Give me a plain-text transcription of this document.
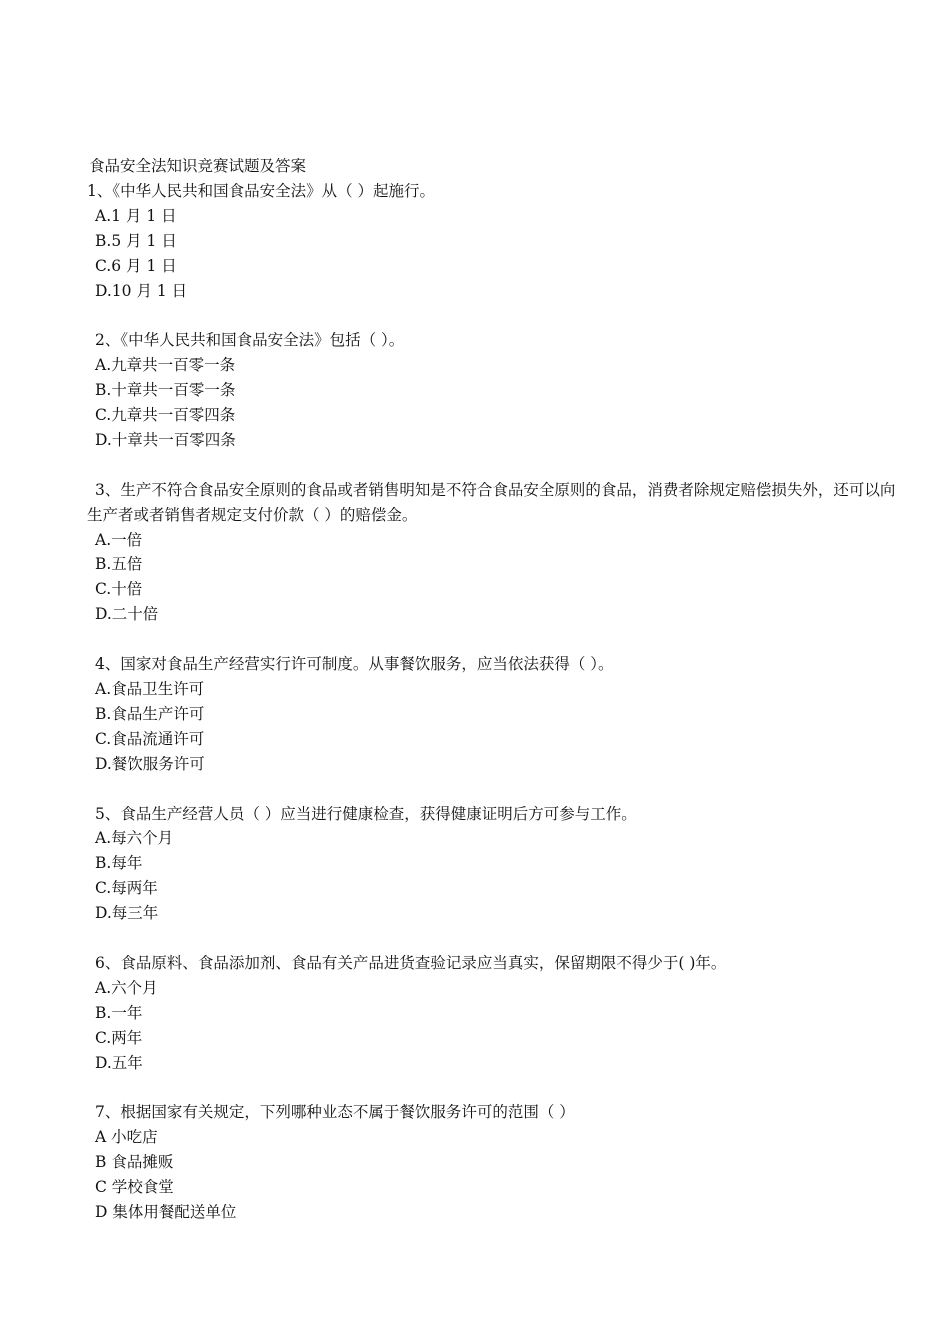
食品安全法知识竞赛试题及答案

1、《中华人民共和国食品安全法》从（ ）起施行。

A.1 月 1 日
B.5 月 1 日
C.6 月 1 日
D.10 月 1 日

2、《中华人民共和国食品安全法》包括（ ）。

A.九章共一百零一条
B.十章共一百零一条
C.九章共一百零四条
D.十章共一百零四条

3、生产不符合食品安全原则的食品或者销售明知是不符合食品安全原则的食品，消费者除规定赔偿损失外，还可以向生产者或者销售者规定支付价款（ ）的赔偿金。

A.一倍
B.五倍
C.十倍
D.二十倍

4、国家对食品生产经营实行许可制度。从事餐饮服务，应当依法获得（ ）。

A.食品卫生许可
B.食品生产许可
C.食品流通许可
D.餐饮服务许可

5、食品生产经营人员（ ）应当进行健康检查，获得健康证明后方可参与工作。

A.每六个月
B.每年
C.每两年
D.每三年

6、食品原料、食品添加剂、食品有关产品进货查验记录应当真实，保留期限不得少于( )年。

A.六个月
B.一年
C.两年
D.五年

7、根据国家有关规定，下列哪种业态不属于餐饮服务许可的范围（ ）

A 小吃店
B 食品摊贩
C 学校食堂
D 集体用餐配送单位
